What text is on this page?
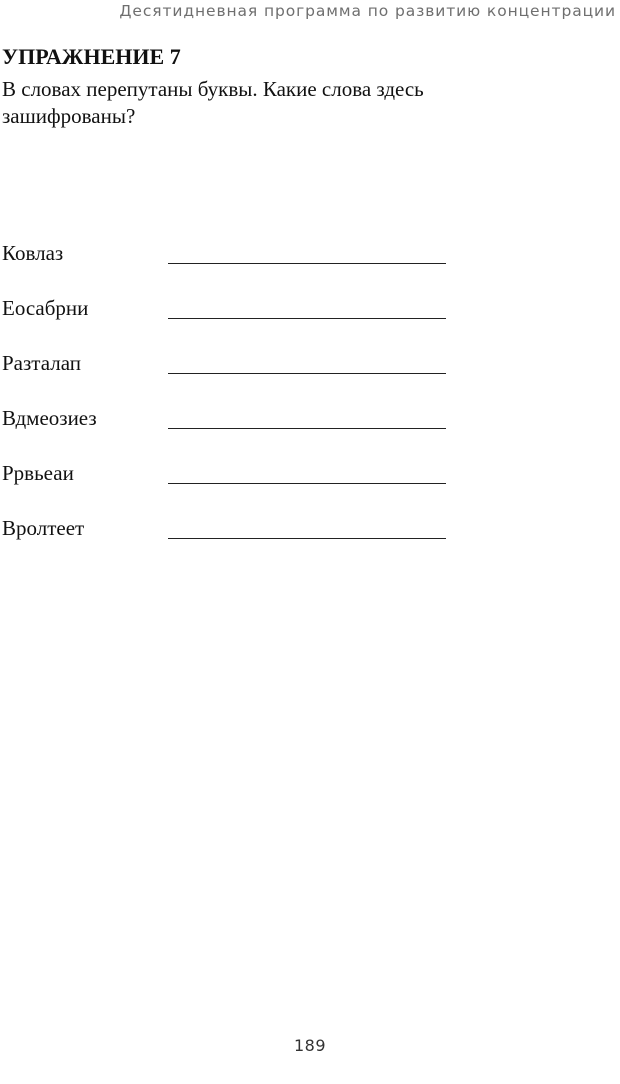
Десятидневная программа по развитию концентрации
УПРАЖНЕНИЕ 7

В словах перепутаны буквы. Какие слова здесь зашифрованы?

Ковлаз
Еосабрни
Разталап
Вдмеозиез
Ррвьеаи
Вролтеет
189
